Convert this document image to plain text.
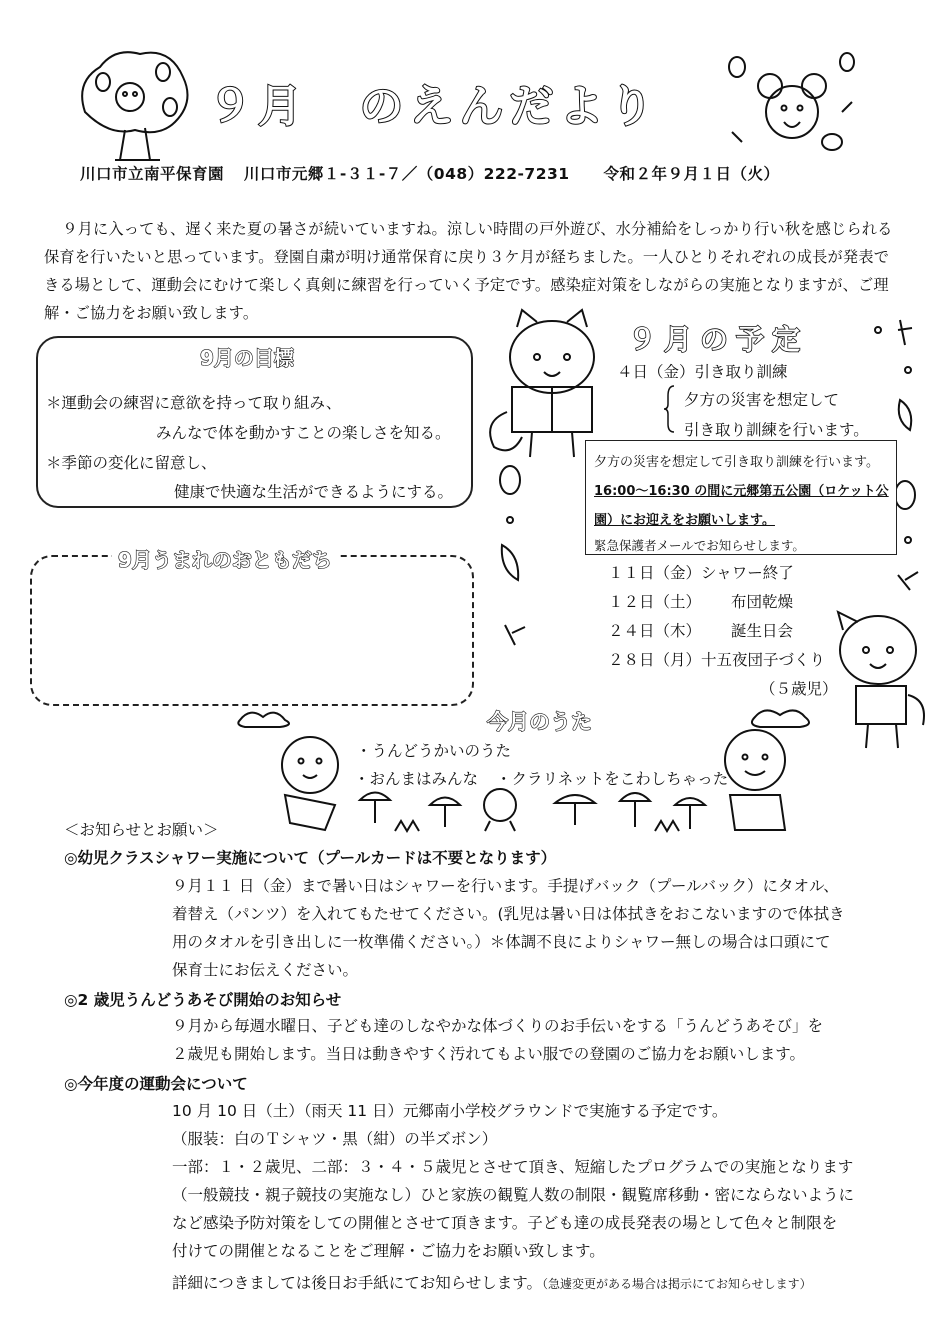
９月 のえんだより
川口市立南平保育園 川口市元郷１-３１-７／（048）222-7231 令和２年９月１日（火）

９月に入っても、遅く来た夏の暑さが続いていますね。涼しい時間の戸外遊び、水分補給をしっかり行い秋を感じられる保育を行いたいと思っています。登園自粛が明け通常保育に戻り３ケ月が経ちました。一人ひとりそれぞれの成長が発表できる場として、運動会にむけて楽しく真剣に練習を行っていく予定です。感染症対策をしながらの実施となりますが、ご理解・ご協力をお願い致します。

9月の目標
＊運動会の練習に意欲を持って取り組み、
みんなで体を動かすことの楽しさを知る。
＊季節の変化に留意し、
健康で快適な生活ができるようにする。
9月うまれのおともだち
９月の予定
４日（金）引き取り訓練
夕方の災害を想定して
引き取り訓練を行います。
夕方の災害を想定して引き取り訓練を行います。
16:00～16:30 の間に元郷第五公園（ロケット公
園）にお迎えをお願いします。
緊急保護者メールでお知らせします。
１１日（金）シャワー終了
１２日（土） 布団乾燥
２４日（木） 誕生日会
２８日（月）十五夜団子づくり
（５歳児）
今月のうた
・うんどうかいのうた
・おんまはみんな ・クラリネットをこわしちゃった
＜お知らせとお願い＞
◎幼児クラスシャワー実施について（プールカードは不要となります）

９月１１ 日（金）まで暑い日はシャワーを行います。手提げバック（プールバック）にタオル、

着替え（パンツ）を入れてもたせてください。(乳児は暑い日は体拭きをおこないますので体拭き

用のタオルを引き出しに一枚準備ください。）＊体調不良によりシャワー無しの場合は口頭にて

保育士にお伝えください。

◎2 歳児うんどうあそび開始のお知らせ

９月から毎週水曜日、子ども達のしなやかな体づくりのお手伝いをする「うんどうあそび」を

２歳児も開始します。当日は動きやすく汚れてもよい服での登園のご協力をお願いします。

◎今年度の運動会について

10 月 10 日（土）（雨天 11 日）元郷南小学校グラウンドで実施する予定です。

（服装：白のＴシャツ・黒（紺）の半ズボン）

一部：１・２歳児、二部：３・４・５歳児とさせて頂き、短縮したプログラムでの実施となります

（一般競技・親子競技の実施なし）ひと家族の観覧人数の制限・観覧席移動・密にならないように

など感染予防対策をしての開催とさせて頂きます。子ども達の成長発表の場として色々と制限を

付けての開催となることをご理解・ご協力をお願い致します。

詳細につきましては後日お手紙にてお知らせします。（急遽変更がある場合は掲示にてお知らせします）
